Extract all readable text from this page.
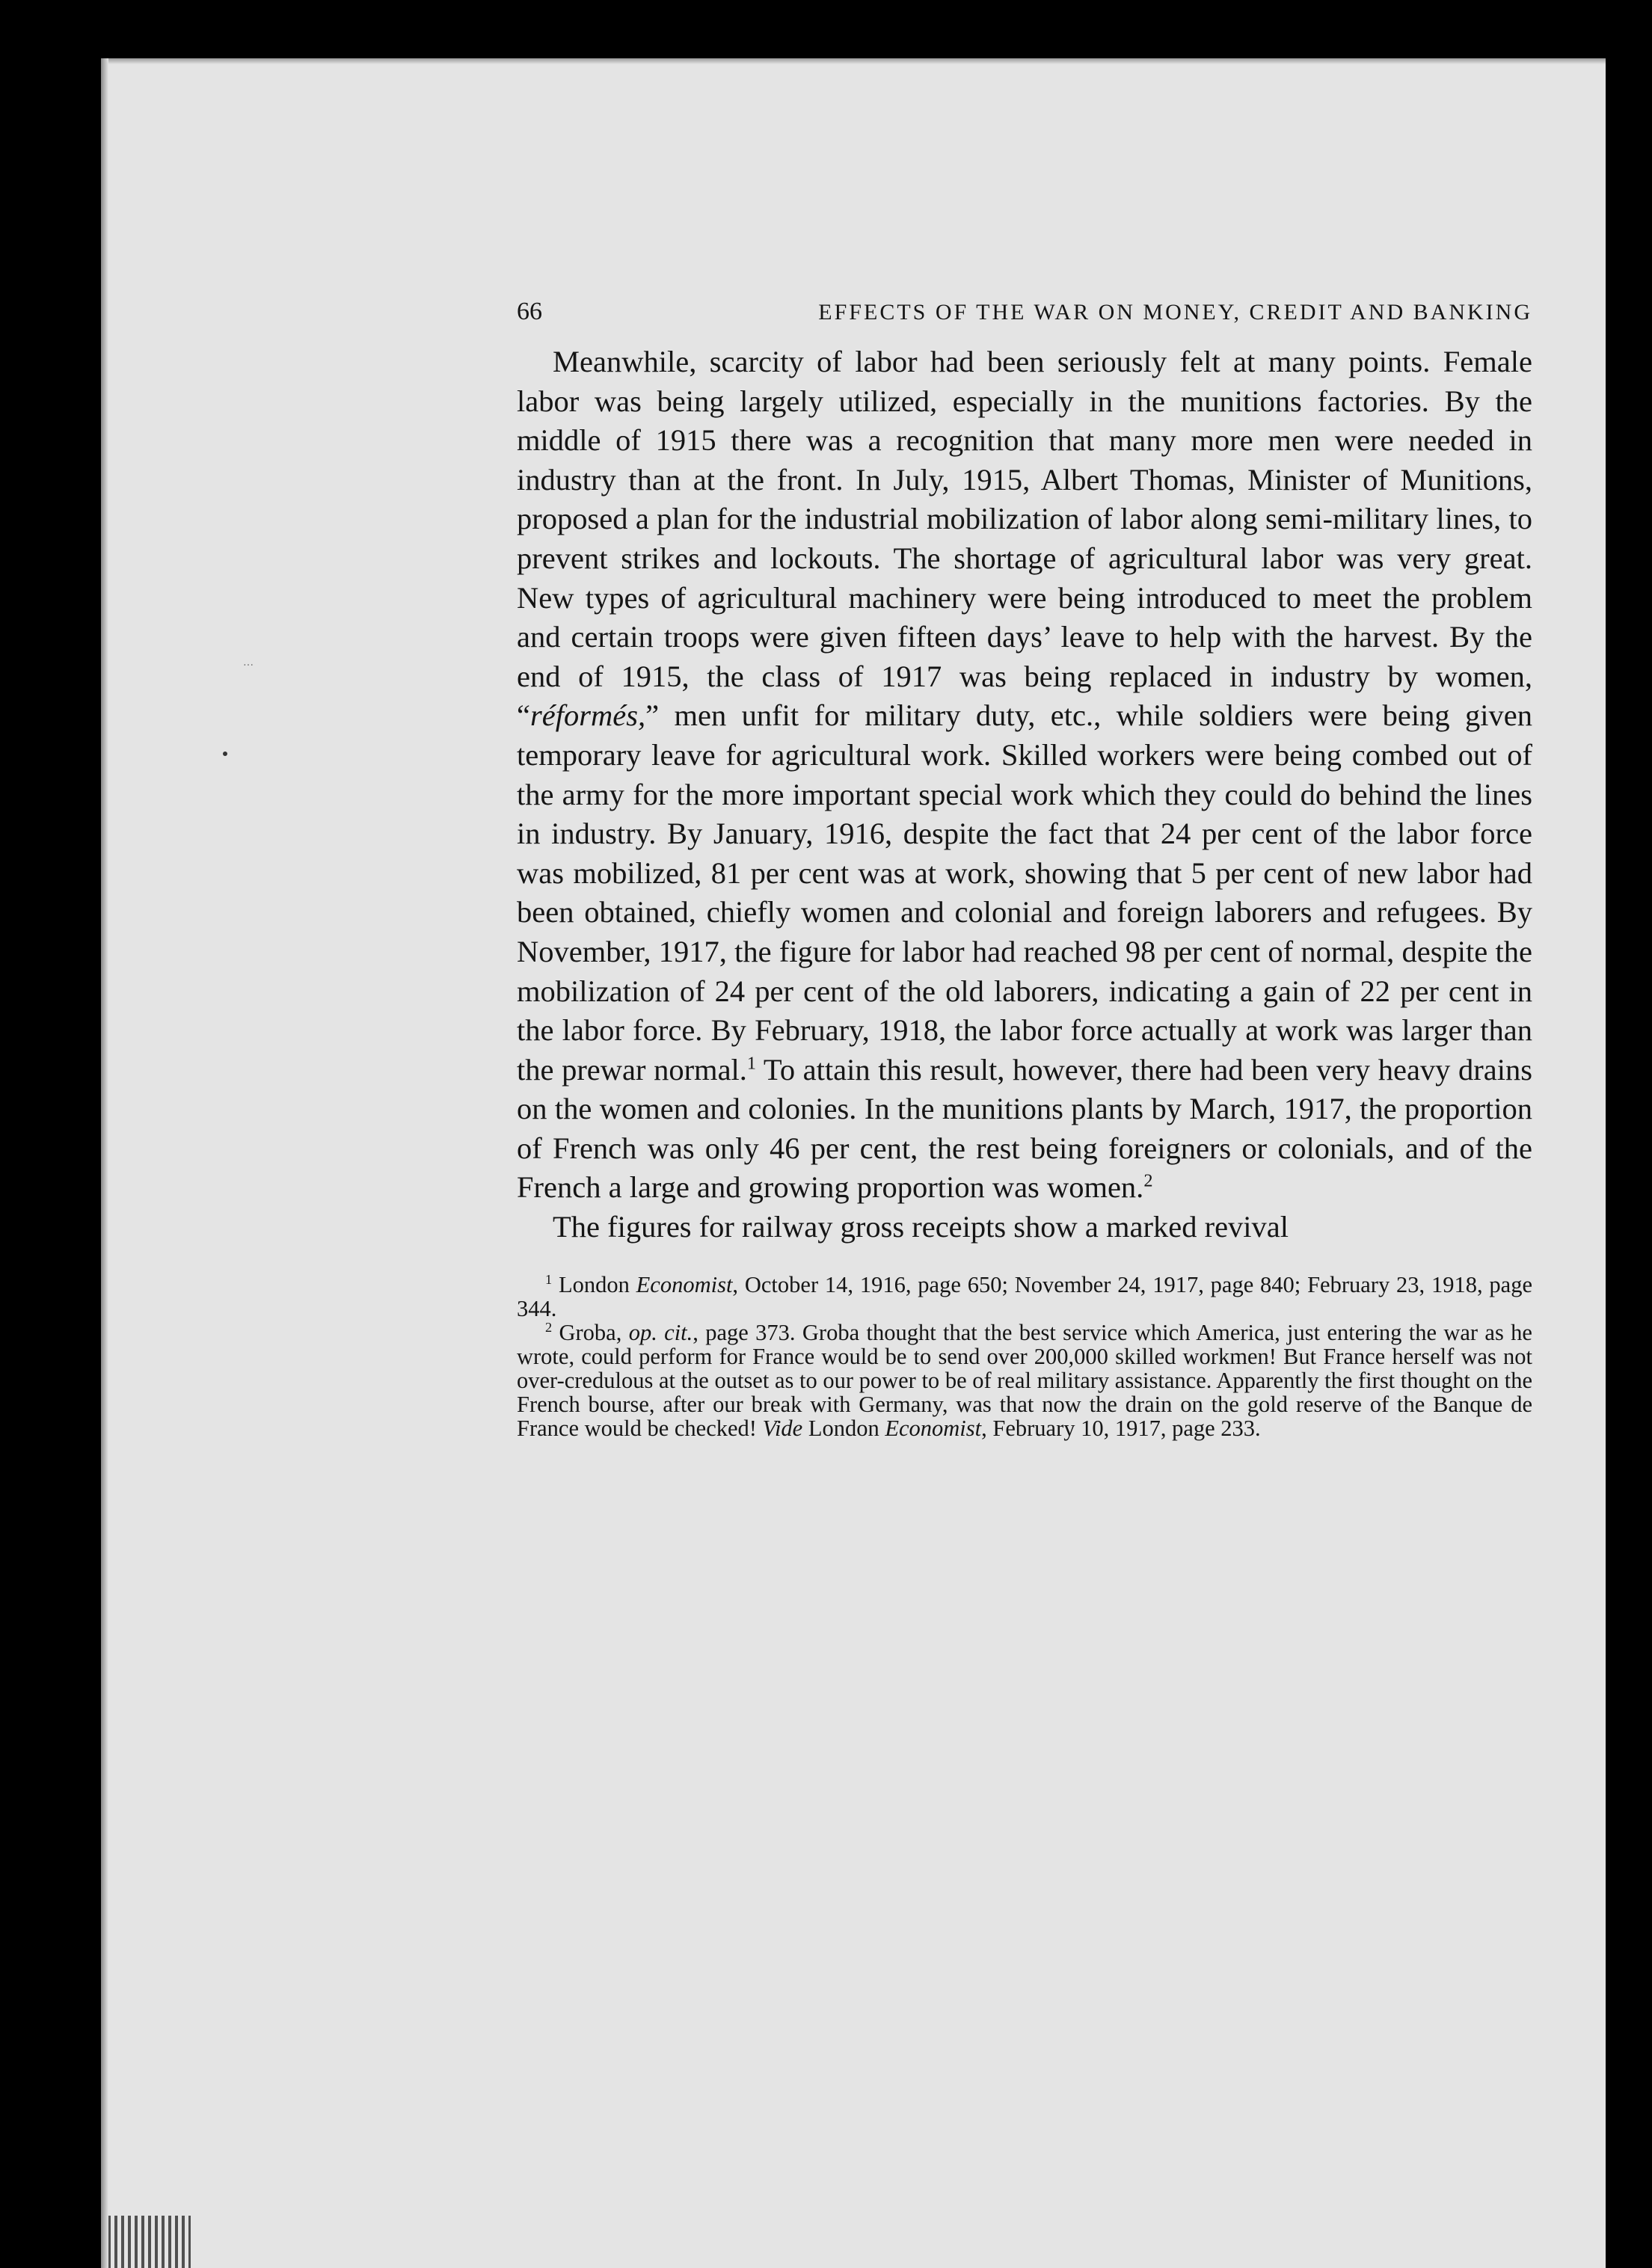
․․․
66	EFFECTS OF THE WAR ON MONEY, CREDIT AND BANKING

Meanwhile, scarcity of labor had been seriously felt at many points. Female labor was being largely utilized, especially in the munitions factories. By the middle of 1915 there was a recognition that many more men were needed in industry than at the front. In July, 1915, Albert Thomas, Minister of Munitions, proposed a plan for the industrial mobilization of labor along semi-military lines, to prevent strikes and lockouts. The shortage of agricultural labor was very great. New types of agricultural machinery were being introduced to meet the problem and certain troops were given fifteen days’ leave to help with the harvest. By the end of 1915, the class of 1917 was being replaced in industry by women, “réformés,” men unfit for military duty, etc., while soldiers were being given temporary leave for agricultural work. Skilled workers were being combed out of the army for the more important special work which they could do behind the lines in industry. By January, 1916, despite the fact that 24 per cent of the labor force was mobilized, 81 per cent was at work, showing that 5 per cent of new labor had been obtained, chiefly women and colonial and foreign laborers and refugees. By November, 1917, the figure for labor had reached 98 per cent of normal, despite the mobilization of 24 per cent of the old laborers, indicating a gain of 22 per cent in the labor force. By February, 1918, the labor force actually at work was larger than the prewar normal.$^1$ To attain this result, however, there had been very heavy drains on the women and colonies. In the munitions plants by March, 1917, the proportion of French was only 46 per cent, the rest being foreigners or colonials, and of the French a large and growing proportion was women.$^2$

The figures for railway gross receipts show a marked revival

$^1$ London Economist, October 14, 1916, page 650; November 24, 1917, page 840; February 23, 1918, page 344.

$^2$ Groba, op. cit., page 373. Groba thought that the best service which America, just entering the war as he wrote, could perform for France would be to send over 200,000 skilled workmen! But France herself was not over-credulous at the outset as to our power to be of real military assistance. Apparently the first thought on the French bourse, after our break with Germany, was that now the drain on the gold reserve of the Banque de France would be checked! Vide London Economist, February 10, 1917, page 233.
